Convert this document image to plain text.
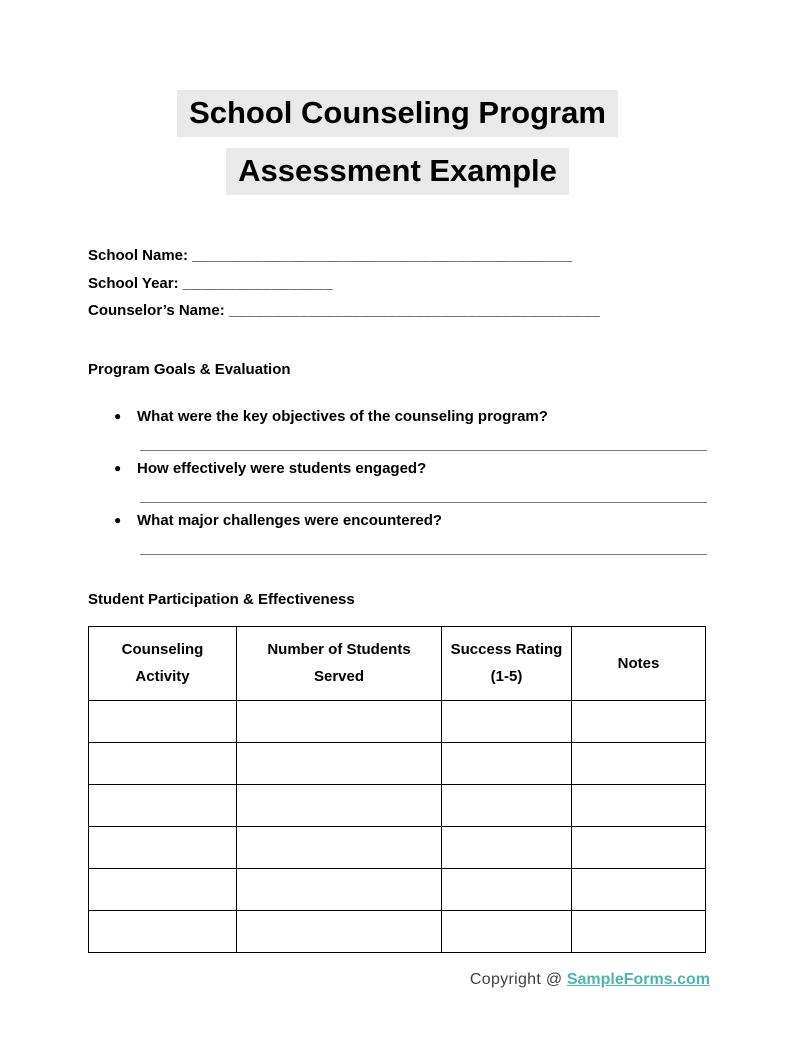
School Counseling Program
Assessment Example
School Name: ___________________________________________
School Year: _________________
Counselor’s Name: __________________________________________
Program Goals & Evaluation
● What were the key objectives of the counseling program?
● How effectively were students engaged?
● What major challenges were encountered?
Student Participation & Effectiveness
Counseling Activity	Number of Students Served	Success Rating (1-5)	Notes

Copyright @ SampleForms.com
